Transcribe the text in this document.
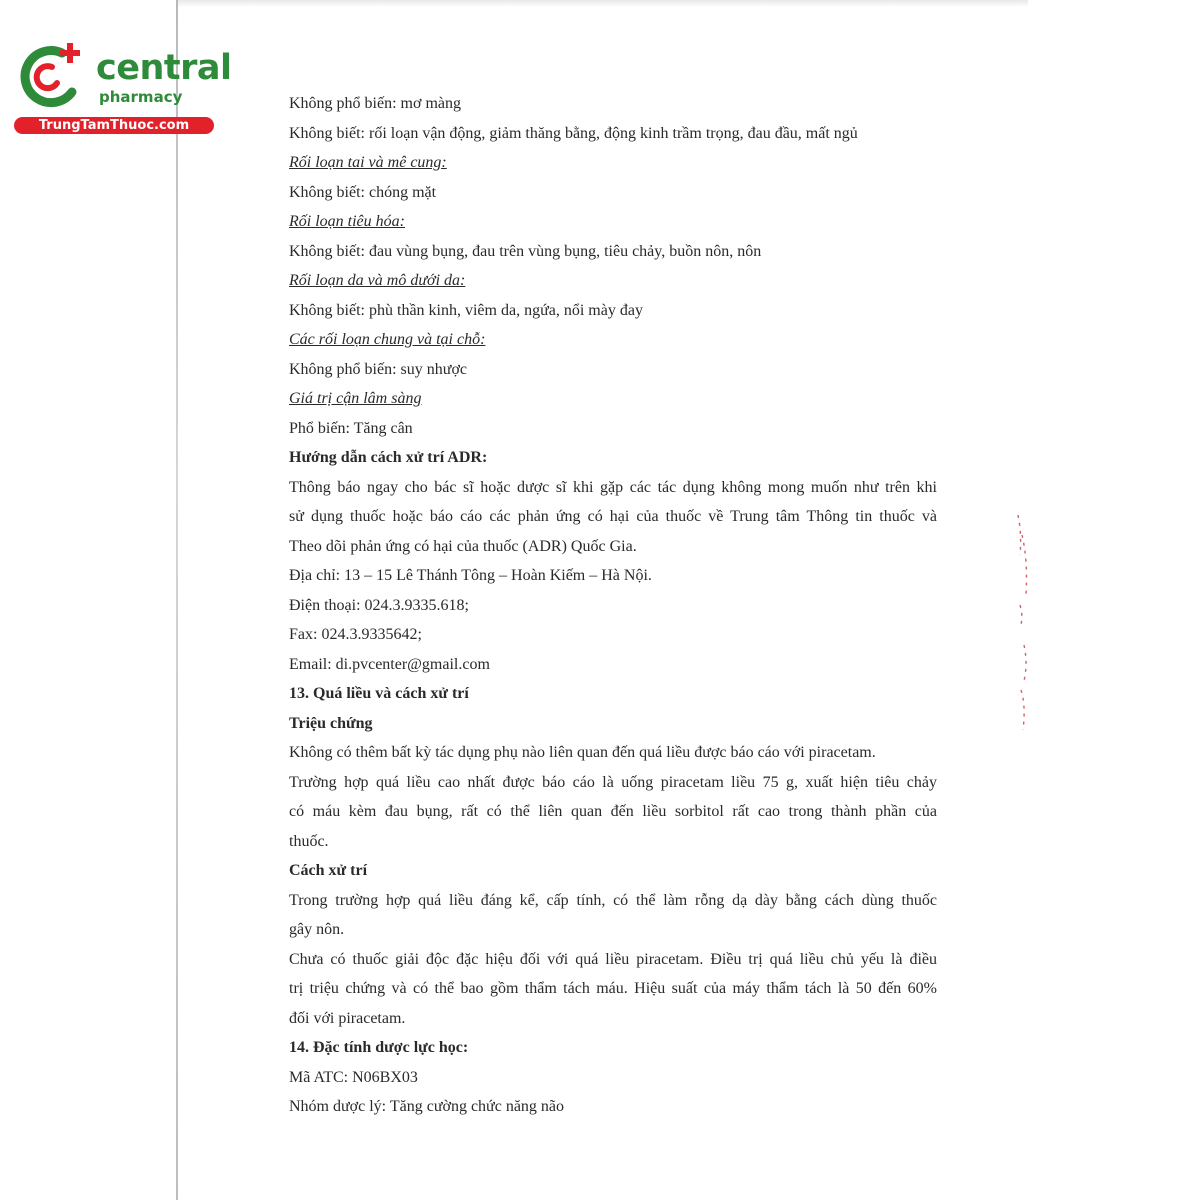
central
pharmacy
TrungTamThuoc.com
Không phổ biến: mơ màng
Không biết: rối loạn vận động, giảm thăng bằng, động kinh trầm trọng, đau đầu, mất ngủ
Rối loạn tai và mê cung:
Không biết: chóng mặt
Rối loạn tiêu hóa:
Không biết: đau vùng bụng, đau trên vùng bụng, tiêu chảy, buồn nôn, nôn
Rối loạn da và mô dưới da:
Không biết: phù thần kinh, viêm da, ngứa, nổi mày đay
Các rối loạn chung và tại chỗ:
Không phổ biến: suy nhược
Giá trị cận lâm sàng
Phổ biến: Tăng cân
Hướng dẫn cách xử trí ADR:
Thông báo ngay cho bác sĩ hoặc dược sĩ khi gặp các tác dụng không mong muốn như trên khi
sử dụng thuốc hoặc báo cáo các phản ứng có hại của thuốc về Trung tâm Thông tin thuốc và
Theo dõi phản ứng có hại của thuốc (ADR) Quốc Gia.
Địa chỉ: 13 – 15 Lê Thánh Tông – Hoàn Kiếm – Hà Nội.
Điện thoại: 024.3.9335.618;
Fax: 024.3.9335642;
Email: di.pvcenter@gmail.com
13. Quá liều và cách xử trí
Triệu chứng
Không có thêm bất kỳ tác dụng phụ nào liên quan đến quá liều được báo cáo với piracetam.
Trường hợp quá liều cao nhất được báo cáo là uống piracetam liều 75 g, xuất hiện tiêu chảy
có máu kèm đau bụng, rất có thể liên quan đến liều sorbitol rất cao trong thành phần của
thuốc.
Cách xử trí
Trong trường hợp quá liều đáng kể, cấp tính, có thể làm rỗng dạ dày bằng cách dùng thuốc
gây nôn.
Chưa có thuốc giải độc đặc hiệu đối với quá liều piracetam. Điều trị quá liều chủ yếu là điều
trị triệu chứng và có thể bao gồm thẩm tách máu. Hiệu suất của máy thẩm tách là 50 đến 60%
đối với piracetam.
14. Đặc tính dược lực học:
Mã ATC: N06BX03
Nhóm dược lý: Tăng cường chức năng não
